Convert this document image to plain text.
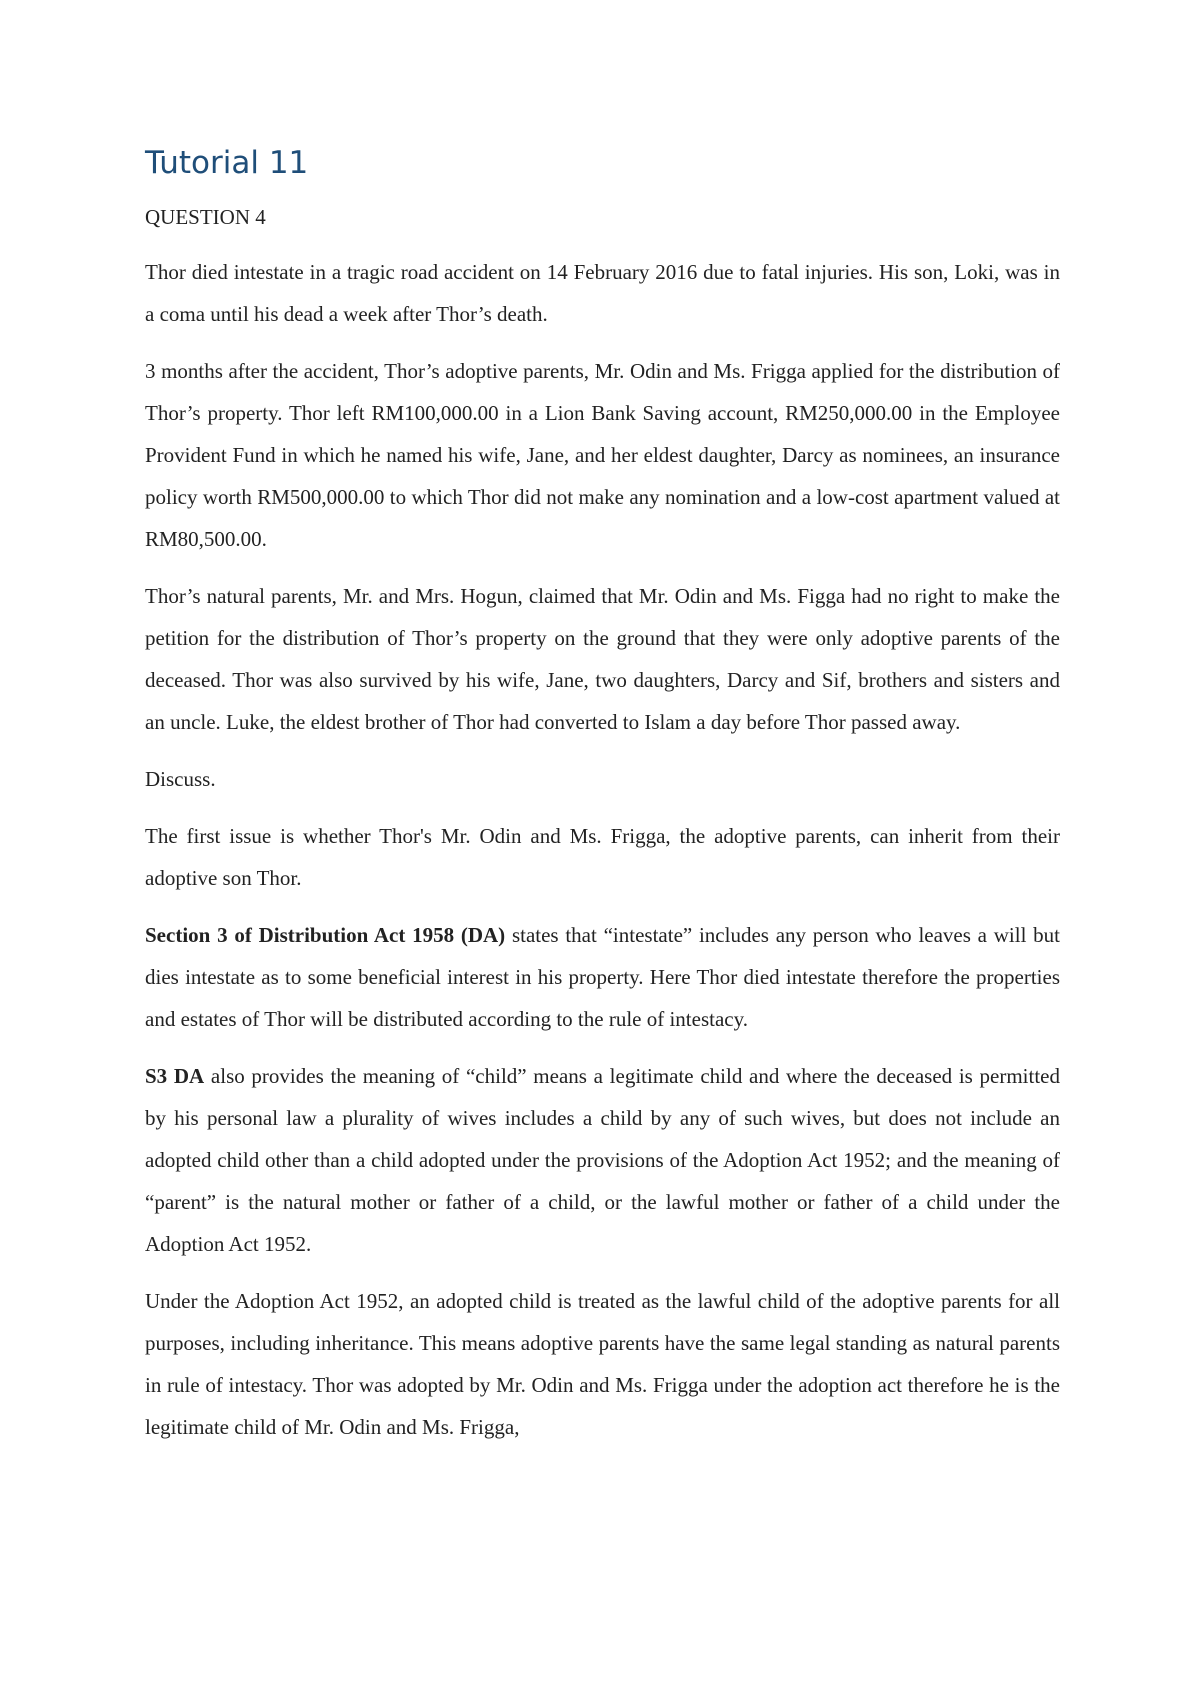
Tutorial 11
QUESTION 4

Thor died intestate in a tragic road accident on 14 February 2016 due to fatal injuries. His son, Loki, was in a coma until his dead a week after Thor’s death.

3 months after the accident, Thor’s adoptive parents, Mr. Odin and Ms. Frigga applied for the distribution of Thor’s property. Thor left RM100,000.00 in a Lion Bank Saving account, RM250,000.00 in the Employee Provident Fund in which he named his wife, Jane, and her eldest daughter, Darcy as nominees, an insurance policy worth RM500,000.00 to which Thor did not make any nomination and a low-cost apartment valued at RM80,500.00.

Thor’s natural parents, Mr. and Mrs. Hogun, claimed that Mr. Odin and Ms. Figga had no right to make the petition for the distribution of Thor’s property on the ground that they were only adoptive parents of the deceased. Thor was also survived by his wife, Jane, two daughters, Darcy and Sif, brothers and sisters and an uncle. Luke, the eldest brother of Thor had converted to Islam a day before Thor passed away.

Discuss.

The first issue is whether Thor's Mr. Odin and Ms. Frigga, the adoptive parents, can inherit from their adoptive son Thor.

Section 3 of Distribution Act 1958 (DA) states that “intestate” includes any person who leaves a will but dies intestate as to some beneficial interest in his property. Here Thor died intestate therefore the properties and estates of Thor will be distributed according to the rule of intestacy.

S3 DA also provides the meaning of “child” means a legitimate child and where the deceased is permitted by his personal law a plurality of wives includes a child by any of such wives, but does not include an adopted child other than a child adopted under the provisions of the Adoption Act 1952; and the meaning of “parent” is the natural mother or father of a child, or the lawful mother or father of a child under the Adoption Act 1952.

Under the Adoption Act 1952, an adopted child is treated as the lawful child of the adoptive parents for all purposes, including inheritance. This means adoptive parents have the same legal standing as natural parents in rule of intestacy. Thor was adopted by Mr. Odin and Ms. Frigga under the adoption act therefore he is the legitimate child of Mr. Odin and Ms. Frigga,
